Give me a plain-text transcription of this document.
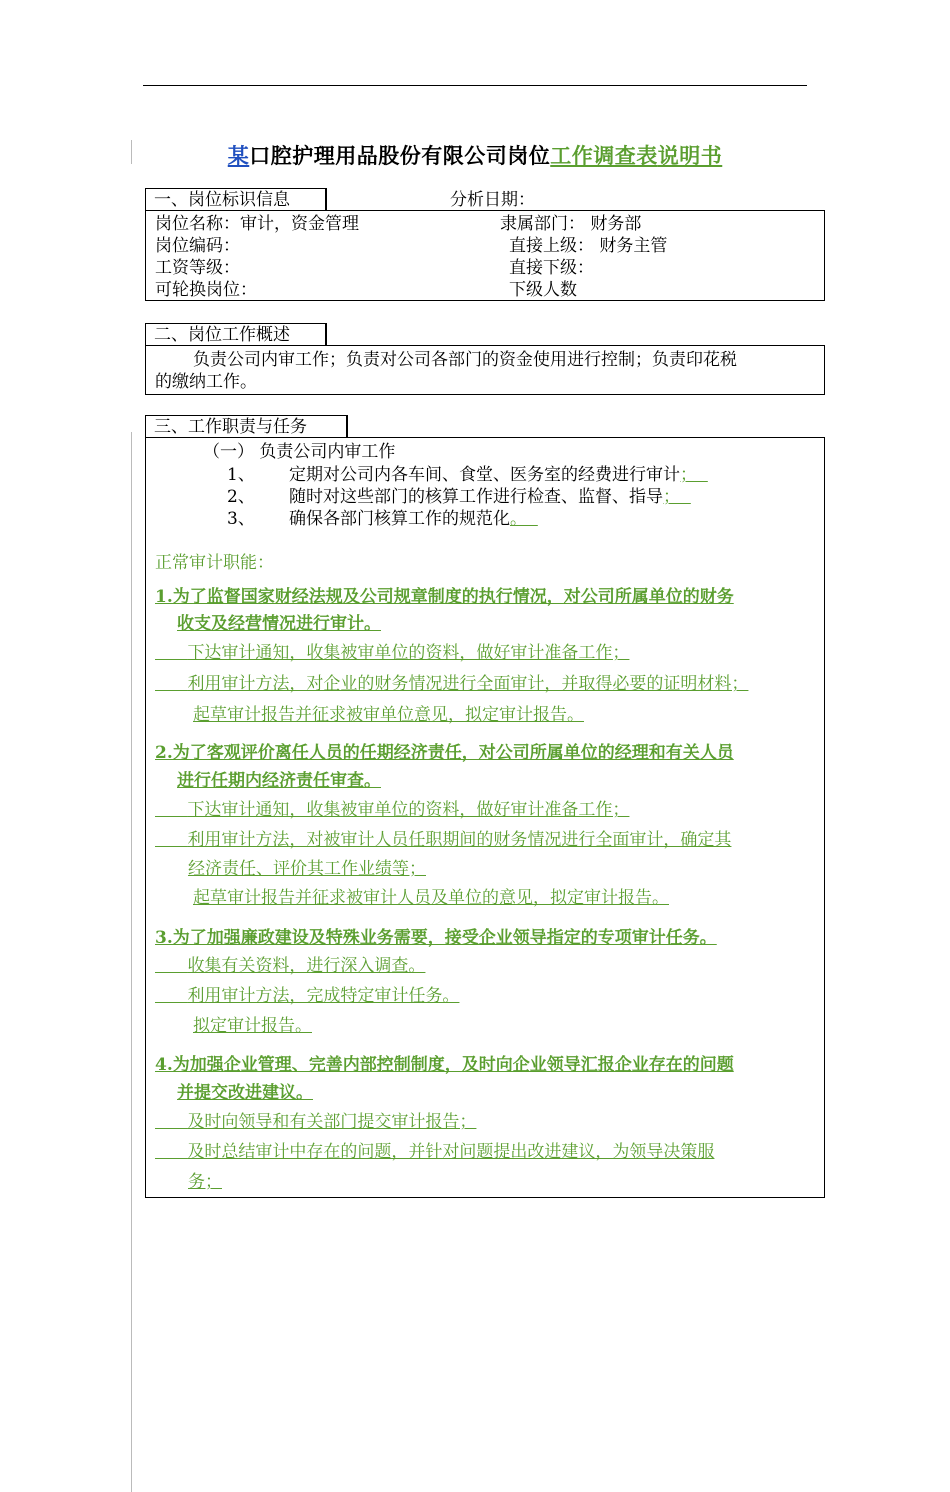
某口腔护理用品股份有限公司岗位工作调查表说明书
一、岗位标识信息	分析日期：
岗位名称：审计，资金管理	隶属部门： 财务部
岗位编码：	直接上级： 财务主管
工资等级：	直接下级：
可轮换岗位：	下级人数
二、岗位工作概述
负责公司内审工作；负责对公司各部门的资金使用进行控制；负责印花税
的缴纳工作。
三、工作职责与任务
（一） 负责公司内审工作
1、 定期对公司内各车间、食堂、医务室的经费进行审计；
2、 随时对这些部门的核算工作进行检查、监督、指导；
3、 确保各部门核算工作的规范化。
正常审计职能：
1.为了监督国家财经法规及公司规章制度的执行情况，对公司所属单位的财务
收支及经营情况进行审计。
下达审计通知，收集被审单位的资料，做好审计准备工作；
利用审计方法，对企业的财务情况进行全面审计，并取得必要的证明材料；
起草审计报告并征求被审单位意见，拟定审计报告。
2.为了客观评价离任人员的任期经济责任，对公司所属单位的经理和有关人员
进行任期内经济责任审查。
下达审计通知，收集被审单位的资料，做好审计准备工作；
利用审计方法，对被审计人员任职期间的财务情况进行全面审计，确定其
经济责任、评价其工作业绩等；
起草审计报告并征求被审计人员及单位的意见，拟定审计报告。
3.为了加强廉政建设及特殊业务需要，接受企业领导指定的专项审计任务。
收集有关资料，进行深入调查。
利用审计方法，完成特定审计任务。
拟定审计报告。
4.为加强企业管理、完善内部控制制度，及时向企业领导汇报企业存在的问题
并提交改进建议。
及时向领导和有关部门提交审计报告；
及时总结审计中存在的问题，并针对问题提出改进建议，为领导决策服
务；
